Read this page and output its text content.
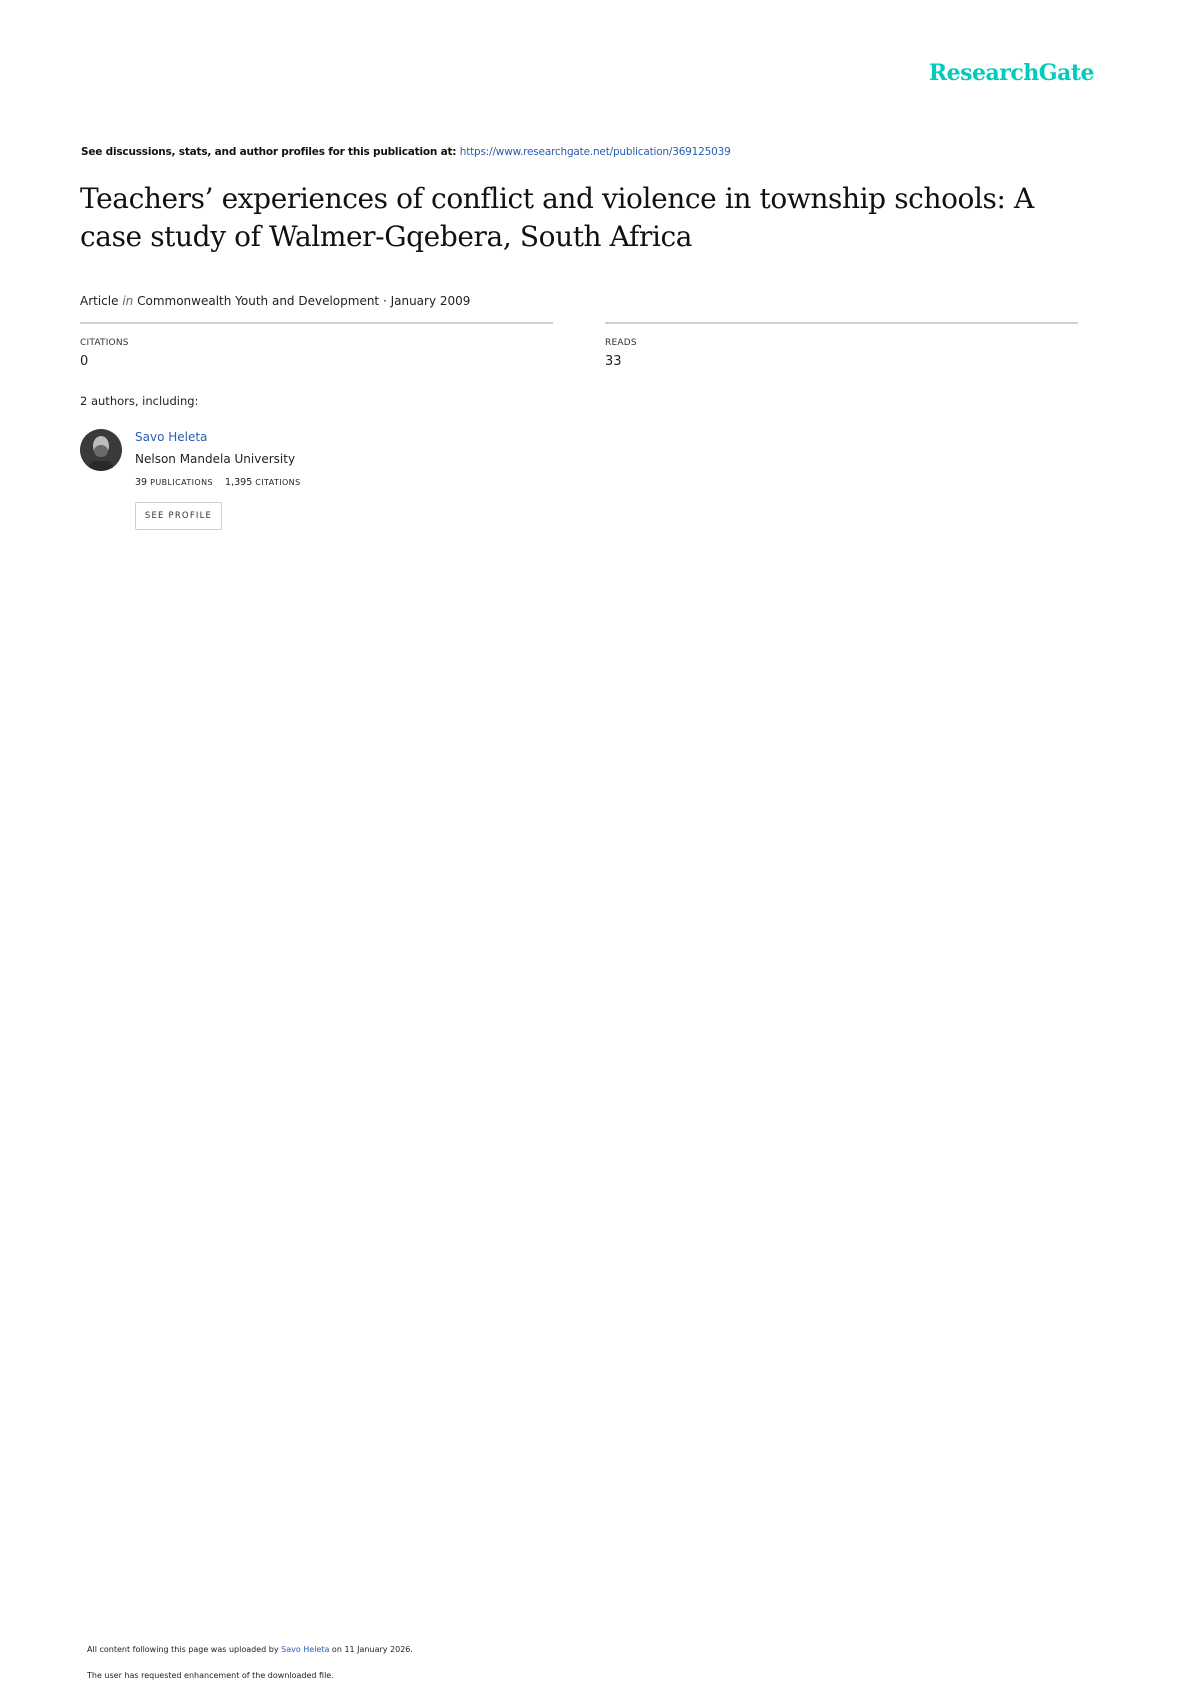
ResearchGate
See discussions, stats, and author profiles for this publication at: https://www.researchgate.net/publication/369125039
Teachers’ experiences of conflict and violence in township schools: A case study of Walmer-Gqebera, South Africa
Article in Commonwealth Youth and Development · January 2009
CITATIONS
0
READS
33
2 authors, including:
Savo Heleta
Nelson Mandela University
39 PUBLICATIONS 1,395 CITATIONS
SEE PROFILE
All content following this page was uploaded by Savo Heleta on 11 January 2026.
The user has requested enhancement of the downloaded file.
